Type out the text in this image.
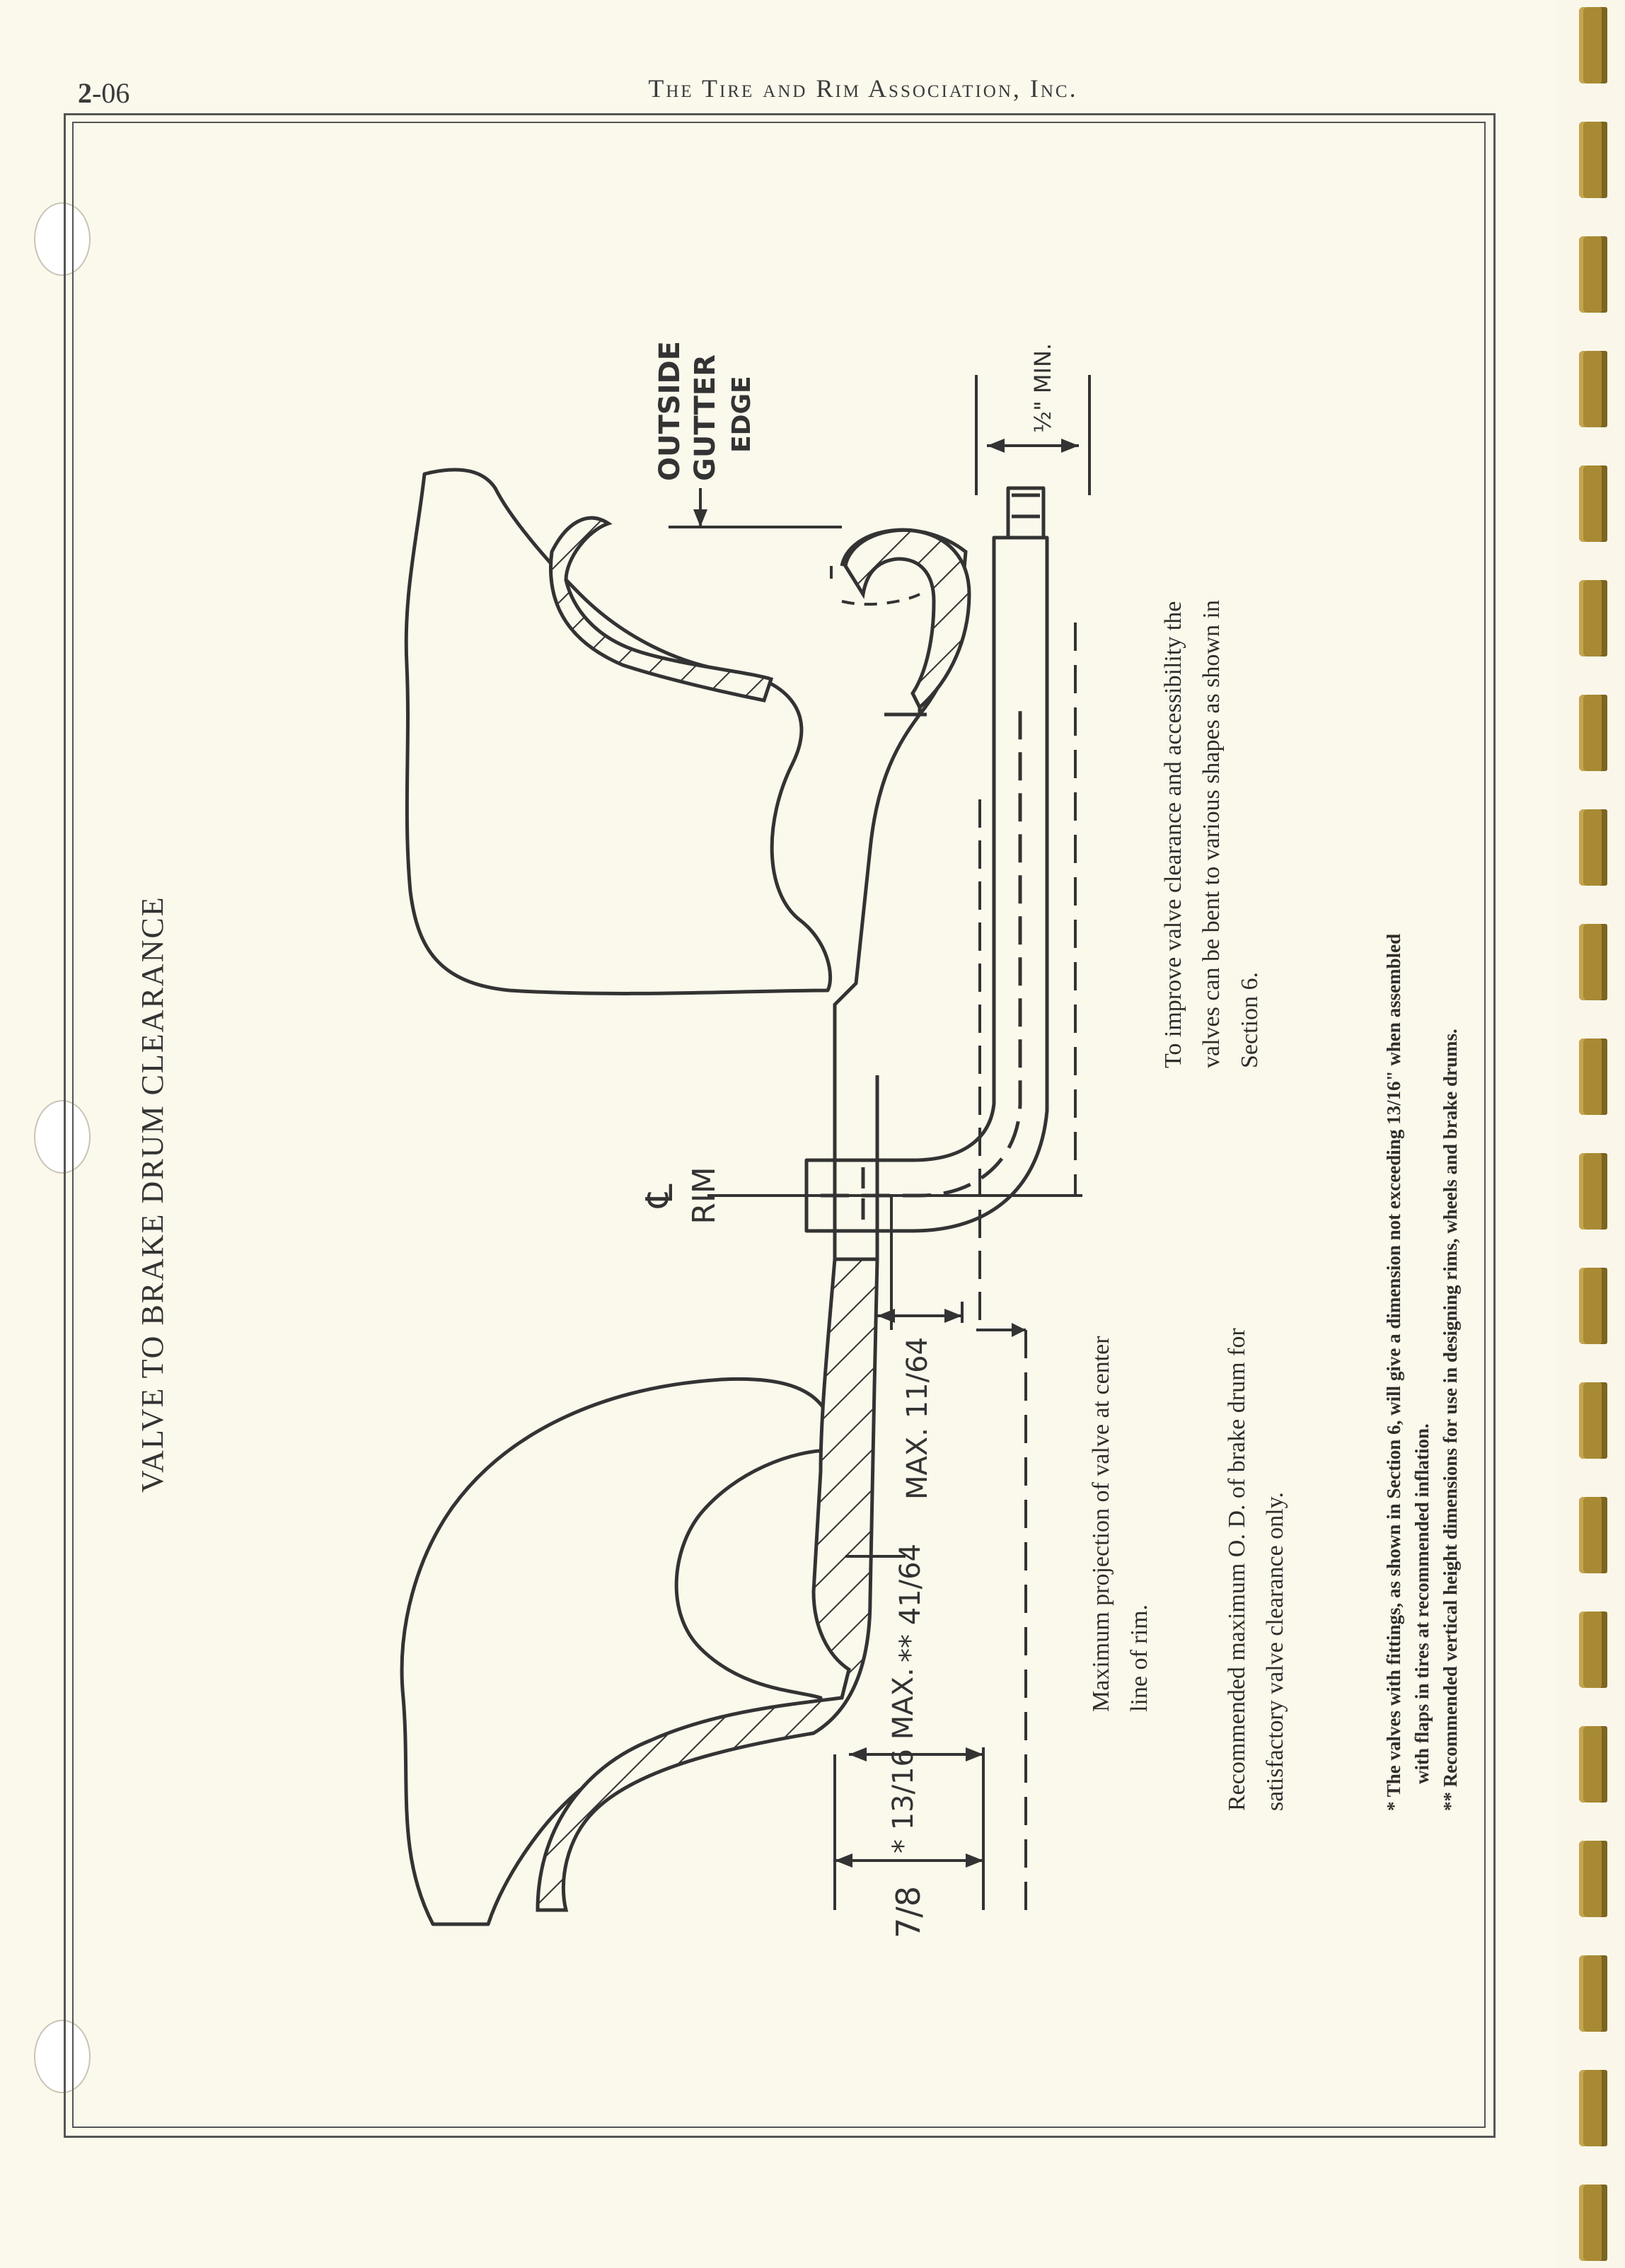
2-06	The Tire and Rim Association, Inc.
VALVE TO BRAKE DRUM CLEARANCE
OUTSIDE GUTTER EDGE	½" MIN.
℄ RIM
MAX. 11/64
** 41/64
* 13/16 MAX.
7/8
To improve valve clearance and accessibility the valves can be bent to various shapes as shown in Section 6.
Maximum projection of valve at center line of rim.	Recommended maximum O. D. of brake drum for satisfactory valve clearance only.	* The valves with fittings, as shown in Section 6, will give a dimension not exceeding 13/16" when assembled with flaps in tires at recommended inflation. ** Recommended vertical height dimensions for use in designing rims, wheels and brake drums.
